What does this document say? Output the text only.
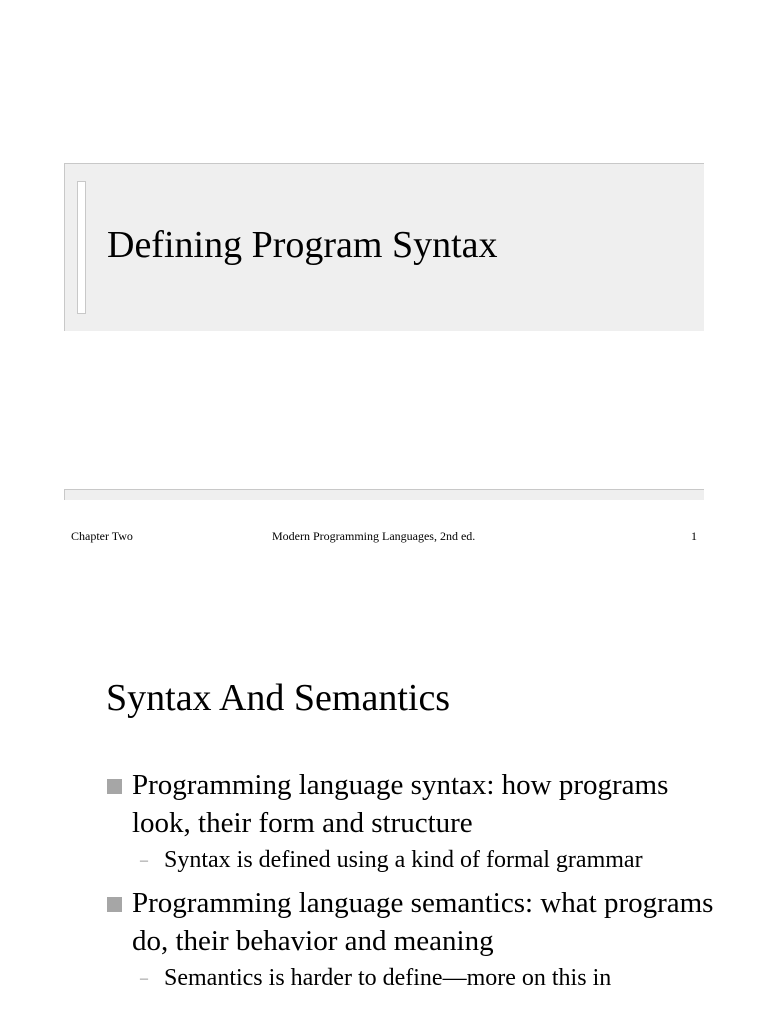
Defining Program Syntax
Chapter Two	Modern Programming Languages, 2nd ed.	1
Syntax And Semantics
Programming language syntax: how programs look, their form and structure
– Syntax is defined using a kind of formal grammar
Programming language semantics: what programs do, their behavior and meaning
– Semantics is harder to define—more on this in
